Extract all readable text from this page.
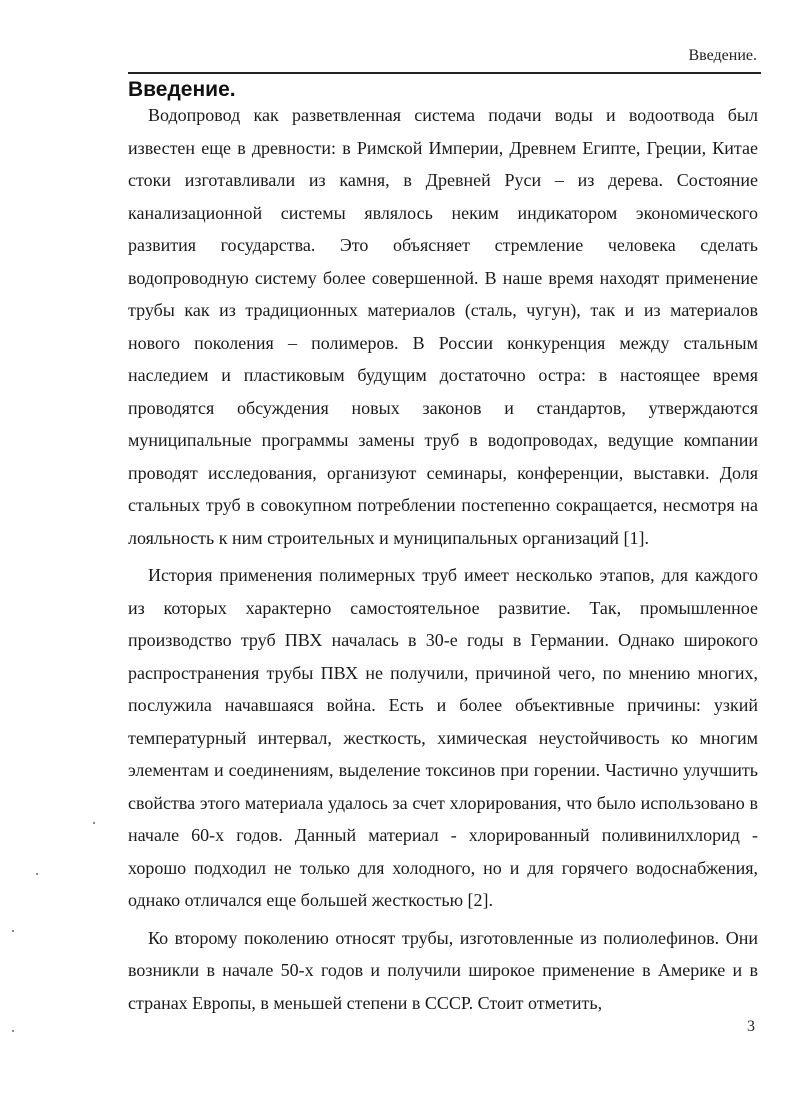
Введение.
Введение.

Водопровод как разветвленная система подачи воды и водоотвода был известен еще в древности: в Римской Империи, Древнем Египте, Греции, Китае стоки изготавливали из камня, в Древней Руси – из дерева. Состояние канализационной системы являлось неким индикатором экономического развития государства. Это объясняет стремление человека сделать водопроводную систему более совершенной. В наше время находят применение трубы как из традиционных материалов (сталь, чугун), так и из материалов нового поколения – полимеров. В России конкуренция между стальным наследием и пластиковым будущим достаточно остра: в настоящее время проводятся обсуждения новых законов и стандартов, утверждаются муниципальные программы замены труб в водопроводах, ведущие компании проводят исследования, организуют семинары, конференции, выставки. Доля стальных труб в совокупном потреблении постепенно сокращается, несмотря на лояльность к ним строительных и муниципальных организаций [1].

История применения полимерных труб имеет несколько этапов, для каждого из которых характерно самостоятельное развитие. Так, промышленное производство труб ПВХ началась в 30-е годы в Германии. Однако широкого распространения трубы ПВХ не получили, причиной чего, по мнению многих, послужила начавшаяся война. Есть и более объективные причины: узкий температурный интервал, жесткость, химическая неустойчивость ко многим элементам и соединениям, выделение токсинов при горении. Частично улучшить свойства этого материала удалось за счет хлорирования, что было использовано в начале 60-х годов. Данный материал - хлорированный поливинилхлорид - хорошо подходил не только для холодного, но и для горячего водоснабжения, однако отличался еще большей жесткостью [2].

Ко второму поколению относят трубы, изготовленные из полиолефинов. Они возникли в начале 50-х годов и получили широкое применение в Америке и в странах Европы, в меньшей степени в СССР. Стоит отметить,

3
